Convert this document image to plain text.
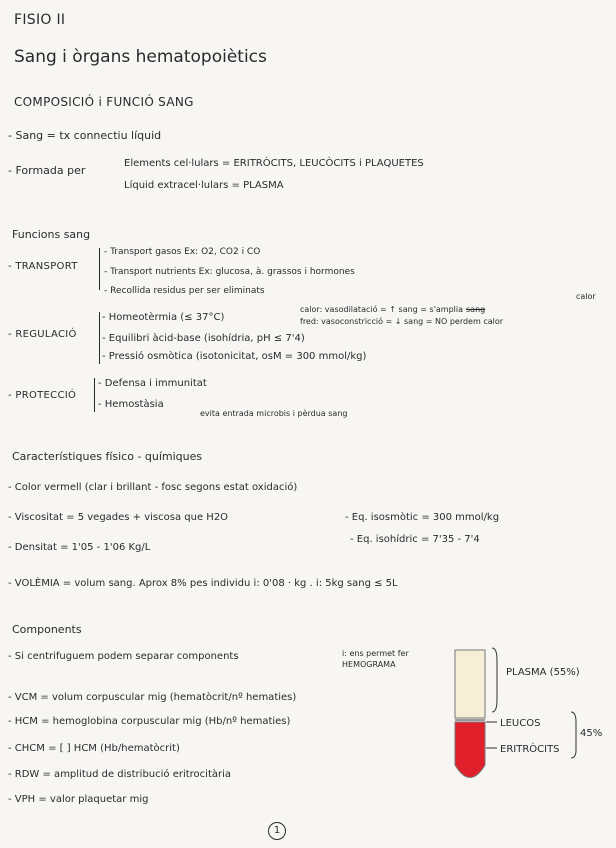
FISIO II
Sang i òrgans hematopoiètics
COMPOSICIÓ i FUNCIÓ SANG
- Sang = tx connectiu líquid
- Formada per
Elements cel·lulars = ERITRÒCITS, LEUCÒCITS i PLAQUETES
Líquid extracel·lulars = PLASMA
Funcions sang
- TRANSPORT
- Transport gasos Ex: O2, CO2 i CO
- Transport nutrients Ex: glucosa, à. grassos i hormones
- Recollida residus per ser eliminats
- REGULACIÓ
- Homeotèrmia (≤ 37°C)
- Equilibri àcid-base (isohídria, pH ≤ 7'4)
- Pressió osmòtica (isotonicitat, osM = 300 mmol/kg)
calor
calor: vasodilatació = ↑ sang = s'amplia sang
fred: vasoconstricció = ↓ sang = NO perdem calor
- PROTECCIÓ
- Defensa i immunitat
- Hemostàsia
evita entrada microbis i pèrdua sang
Característiques físico - químiques
- Color vermell (clar i brillant - fosc segons estat oxidació)
- Viscositat = 5 vegades + viscosa que H2O	- Eq. isosmòtic = 300 mmol/kg
- Densitat = 1'05 - 1'06 Kg/L
- Eq. isohídric = 7'35 - 7'4
- VOLÈMIA = volum sang. Aprox 8% pes individu i: 0'08 · kg . i: 5kg sang ≤ 5L
Components
- Si centrifuguem podem separar components	i: ens permet fer
HEMOGRAMA
- VCM = volum corpuscular mig (hematòcrit/nº hematies)
- HCM = hemoglobina corpuscular mig (Hb/nº hematies)
- CHCM = [ ] HCM (Hb/hematòcrit)
- RDW = amplitud de distribució eritrocitària
- VPH = valor plaquetar mig
PLASMA (55%)
LEUCOS
ERITRÒCITS
45%
1
